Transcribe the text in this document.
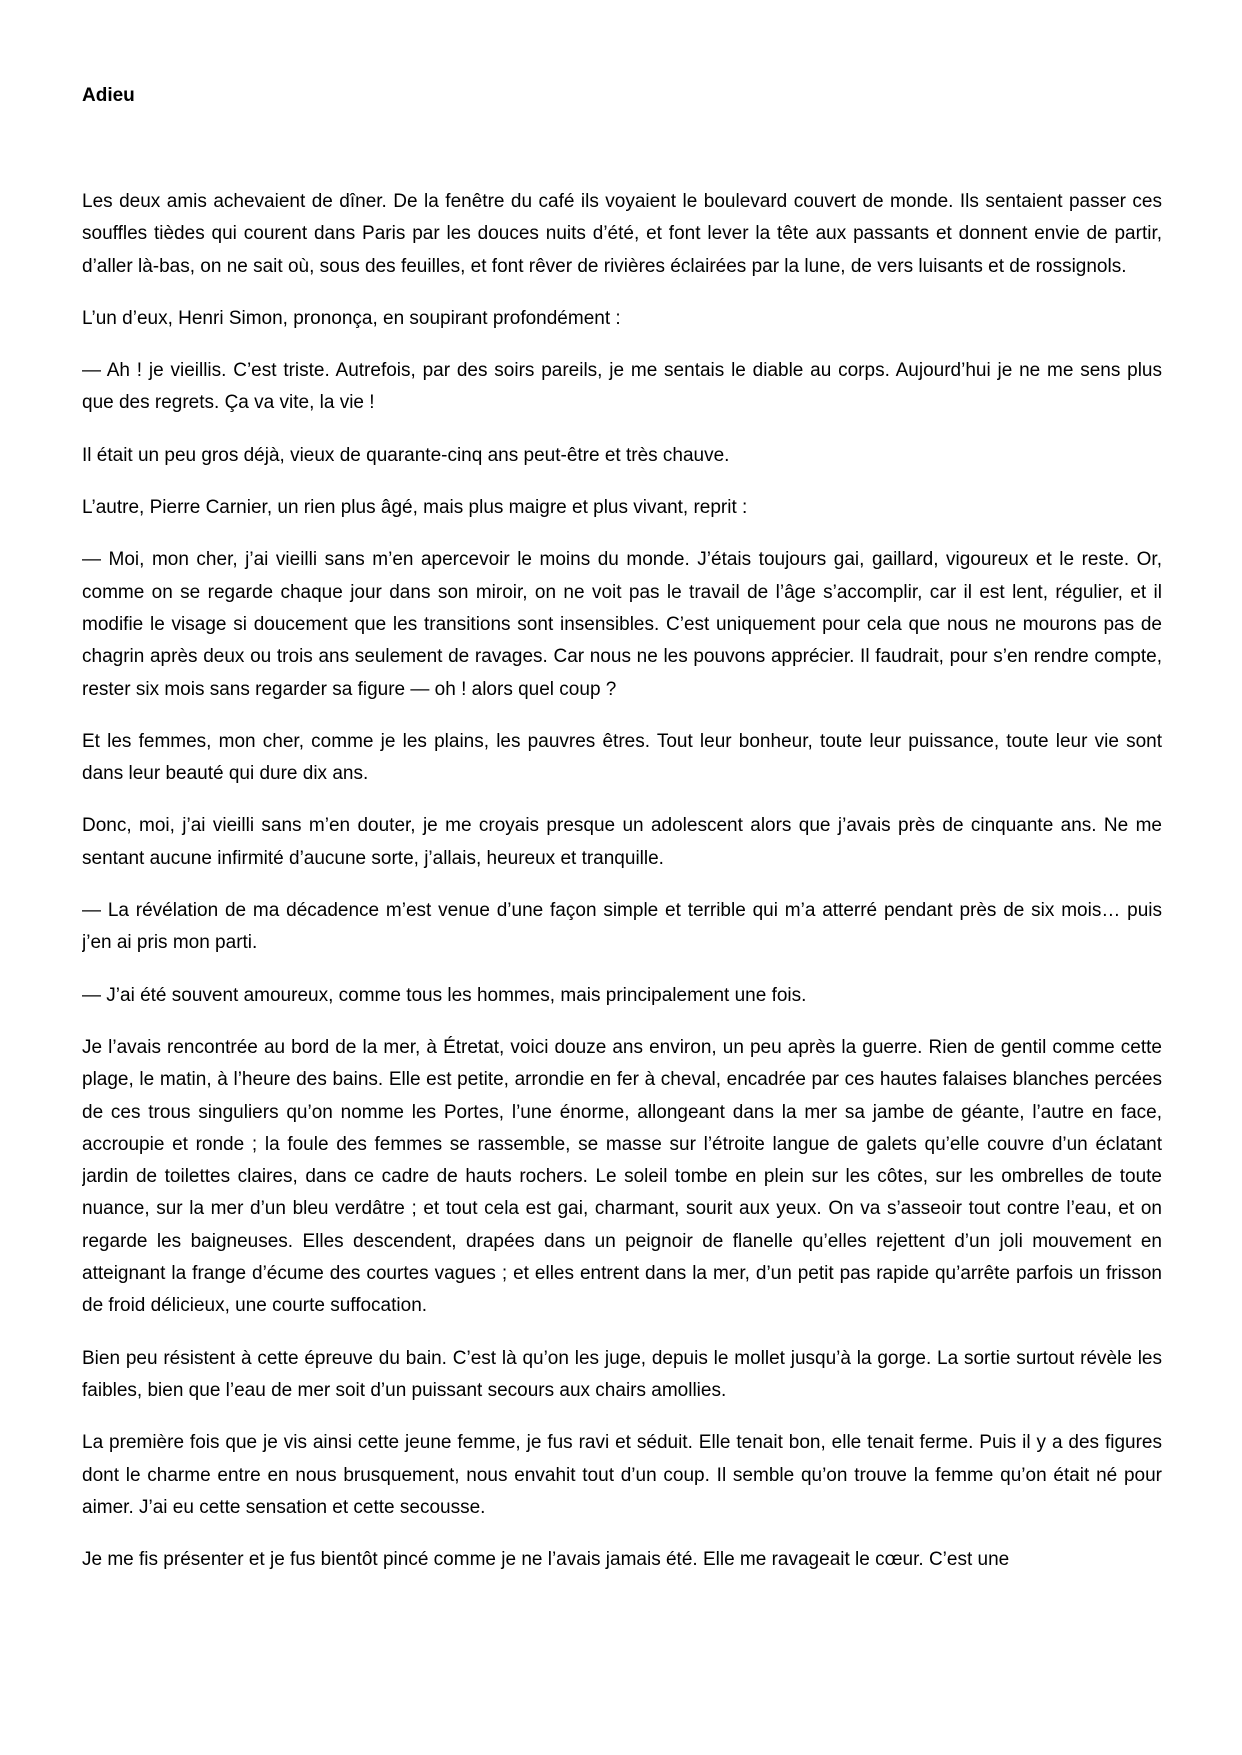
Adieu

Les deux amis achevaient de dîner. De la fenêtre du café ils voyaient le boulevard couvert de monde. Ils sentaient passer ces souffles tièdes qui courent dans Paris par les douces nuits d’été, et font lever la tête aux passants et donnent envie de partir, d’aller là-bas, on ne sait où, sous des feuilles, et font rêver de rivières éclairées par la lune, de vers luisants et de rossignols.

L’un d’eux, Henri Simon, prononça, en soupirant profondément :

— Ah ! je vieillis. C’est triste. Autrefois, par des soirs pareils, je me sentais le diable au corps. Aujourd’hui je ne me sens plus que des regrets. Ça va vite, la vie !

Il était un peu gros déjà, vieux de quarante-cinq ans peut-être et très chauve.

L’autre, Pierre Carnier, un rien plus âgé, mais plus maigre et plus vivant, reprit :

— Moi, mon cher, j’ai vieilli sans m’en apercevoir le moins du monde. J’étais toujours gai, gaillard, vigoureux et le reste. Or, comme on se regarde chaque jour dans son miroir, on ne voit pas le travail de l’âge s’accomplir, car il est lent, régulier, et il modifie le visage si doucement que les transitions sont insensibles. C’est uniquement pour cela que nous ne mourons pas de chagrin après deux ou trois ans seulement de ravages. Car nous ne les pouvons apprécier. Il faudrait, pour s’en rendre compte, rester six mois sans regarder sa figure — oh ! alors quel coup ?

Et les femmes, mon cher, comme je les plains, les pauvres êtres. Tout leur bonheur, toute leur puissance, toute leur vie sont dans leur beauté qui dure dix ans.

Donc, moi, j’ai vieilli sans m’en douter, je me croyais presque un adolescent alors que j’avais près de cinquante ans. Ne me sentant aucune infirmité d’aucune sorte, j’allais, heureux et tranquille.

— La révélation de ma décadence m’est venue d’une façon simple et terrible qui m’a atterré pendant près de six mois… puis j’en ai pris mon parti.

— J’ai été souvent amoureux, comme tous les hommes, mais principalement une fois.

Je l’avais rencontrée au bord de la mer, à Étretat, voici douze ans environ, un peu après la guerre. Rien de gentil comme cette plage, le matin, à l’heure des bains. Elle est petite, arrondie en fer à cheval, encadrée par ces hautes falaises blanches percées de ces trous singuliers qu’on nomme les Portes, l’une énorme, allongeant dans la mer sa jambe de géante, l’autre en face, accroupie et ronde ; la foule des femmes se rassemble, se masse sur l’étroite langue de galets qu’elle couvre d’un éclatant jardin de toilettes claires, dans ce cadre de hauts rochers. Le soleil tombe en plein sur les côtes, sur les ombrelles de toute nuance, sur la mer d’un bleu verdâtre ; et tout cela est gai, charmant, sourit aux yeux. On va s’asseoir tout contre l’eau, et on regarde les baigneuses. Elles descendent, drapées dans un peignoir de flanelle qu’elles rejettent d’un joli mouvement en atteignant la frange d’écume des courtes vagues ; et elles entrent dans la mer, d’un petit pas rapide qu’arrête parfois un frisson de froid délicieux, une courte suffocation.

Bien peu résistent à cette épreuve du bain. C’est là qu’on les juge, depuis le mollet jusqu’à la gorge. La sortie surtout révèle les faibles, bien que l’eau de mer soit d’un puissant secours aux chairs amollies.

La première fois que je vis ainsi cette jeune femme, je fus ravi et séduit. Elle tenait bon, elle tenait ferme. Puis il y a des figures dont le charme entre en nous brusquement, nous envahit tout d’un coup. Il semble qu’on trouve la femme qu’on était né pour aimer. J’ai eu cette sensation et cette secousse.

Je me fis présenter et je fus bientôt pincé comme je ne l’avais jamais été. Elle me ravageait le cœur. C’est une
